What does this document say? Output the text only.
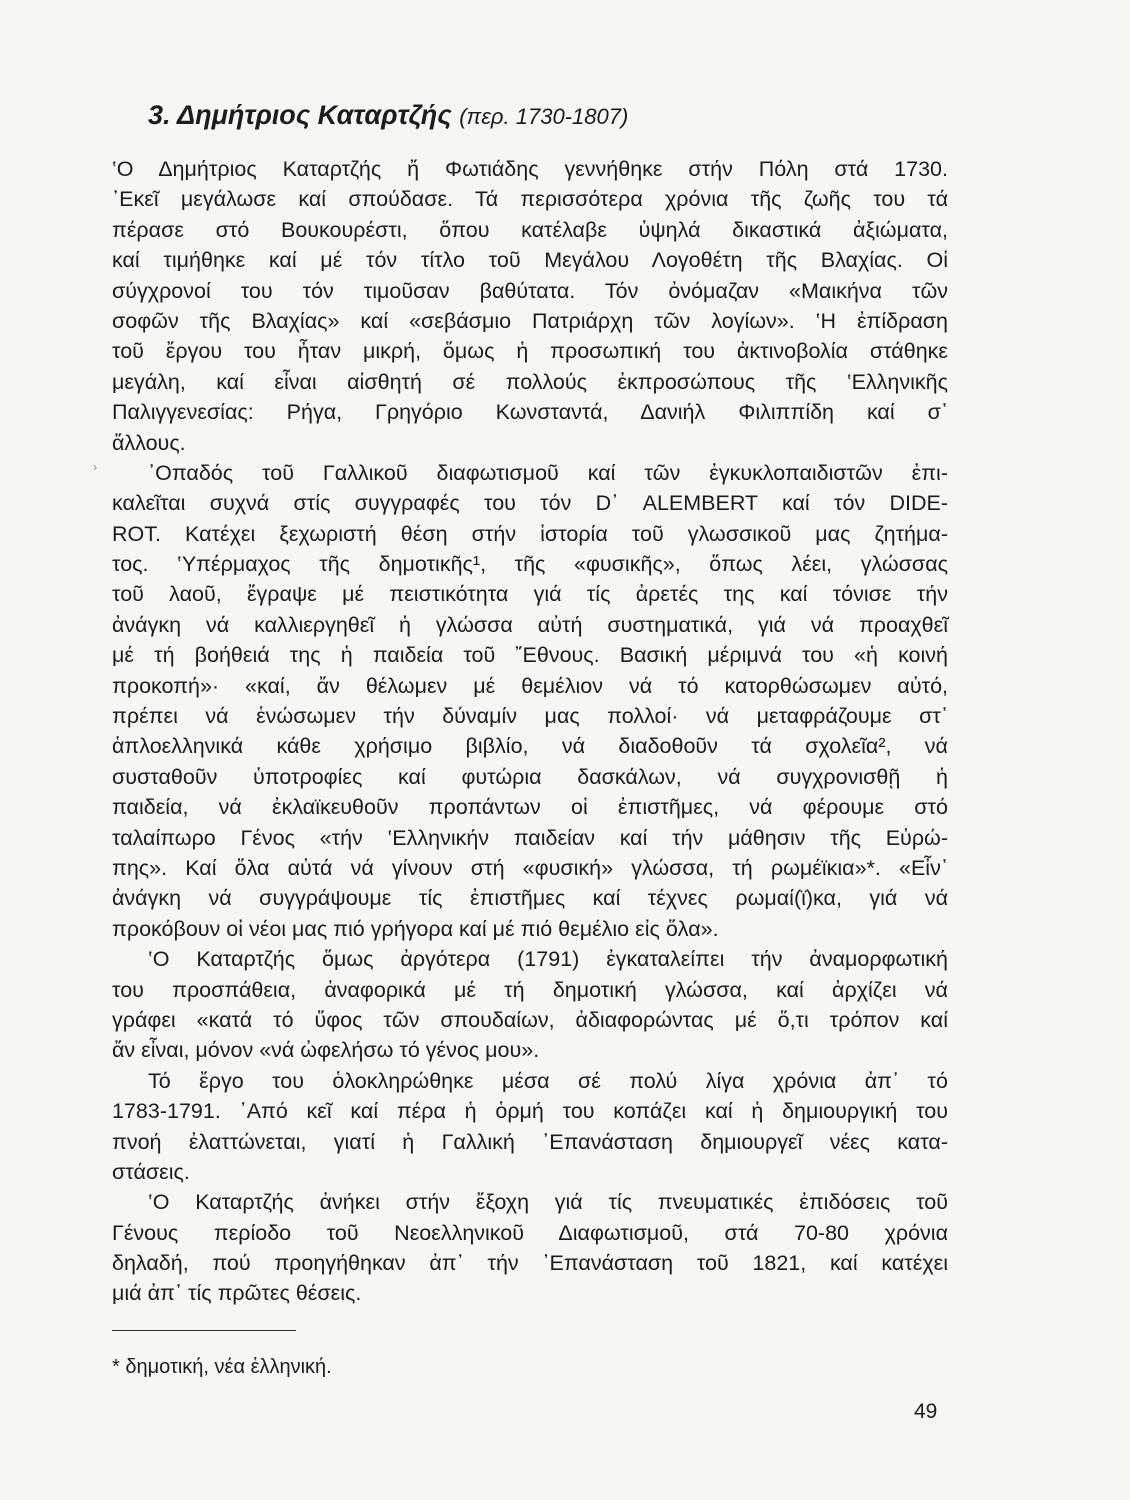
3. Δημήτριος Καταρτζής (περ. 1730-1807)
›
‛Ο Δημήτριος Καταρτζής ἤ Φωτιάδης γεννήθηκε στήν Πόλη στά 1730.
᾽Εκεῖ μεγάλωσε καί σπούδασε. Τά περισσότερα χρόνια τῆς ζωῆς του τά
πέρασε στό Βουκουρέστι, ὅπου κατέλαβε ὑψηλά δικαστικά ἀξιώματα,
καί τιμήθηκε καί μέ τόν τίτλο τοῦ Μεγάλου Λογοθέτη τῆς Βλαχίας. Οἱ
σύγχρονοί του τόν τιμοῦσαν βαθύτατα. Τόν ὀνόμαζαν «Μαικήνα τῶν
σοφῶν τῆς Βλαχίας» καί «σεβάσμιο Πατριάρχη τῶν λογίων». ‛Η ἐπίδραση
τοῦ ἔργου του ἦταν μικρή, ὅμως ἡ προσωπική του ἀκτινοβολία στάθηκε
μεγάλη, καί εἶναι αἰσθητή σέ πολλούς ἐκπροσώπους τῆς ‛Ελληνικῆς
Παλιγγενεσίας: Ρήγα, Γρηγόριο Κωνσταντά, Δανιήλ Φιλιππίδη καί σ᾽
ἄλλους.
᾽Οπαδός τοῦ Γαλλικοῦ διαφωτισμοῦ καί τῶν ἐγκυκλοπαιδιστῶν ἐπι-
καλεῖται συχνά στίς συγγραφές του τόν D᾽ ALEMBERT καί τόν DIDE-
ROT. Κατέχει ξεχωριστή θέση στήν ἱστορία τοῦ γλωσσικοῦ μας ζητήμα-
τος. ‛Υπέρμαχος τῆς δημοτικῆς¹, τῆς «φυσικῆς», ὅπως λέει, γλώσσας
τοῦ λαοῦ, ἔγραψε μέ πειστικότητα γιά τίς ἀρετές της καί τόνισε τήν
ἀνάγκη νά καλλιεργηθεῖ ἡ γλώσσα αὐτή συστηματικά, γιά νά προαχθεῖ
μέ τή βοήθειά της ἡ παιδεία τοῦ ῎Εθνους. Βασική μέριμνά του «ἡ κοινή
προκοπή»· «καί, ἄν θέλωμεν μέ θεμέλιον νά τό κατορθώσωμεν αὐτό,
πρέπει νά ἑνώσωμεν τήν δύναμίν μας πολλοί· νά μεταφράζουμε στ᾽
ἁπλοελληνικά κάθε χρήσιμο βιβλίο, νά διαδοθοῦν τά σχολεῖα², νά
συσταθοῦν ὑποτροφίες καί φυτώρια δασκάλων, νά συγχρονισθῇ ἡ
παιδεία, νά ἐκλαϊκευθοῦν προπάντων οἱ ἐπιστῆμες, νά φέρουμε στό
ταλαίπωρο Γένος «τήν ‛Ελληνικήν παιδείαν καί τήν μάθησιν τῆς Εὐρώ-
πης». Καί ὅλα αὐτά νά γίνουν στή «φυσική» γλώσσα, τή ρωμέϊκια»*. «Εἶν᾽
ἀνάγκη νά συγγράψουμε τίς ἐπιστῆμες καί τέχνες ρωμαί(ϊ)κα, γιά νά
προκόβουν οἱ νέοι μας πιό γρήγορα καί μέ πιό θεμέλιο εἰς ὅλα».
‛Ο Καταρτζής ὅμως ἀργότερα (1791) ἐγκαταλείπει τήν ἀναμορφωτική
του προσπάθεια, ἀναφορικά μέ τή δημοτική γλώσσα, καί ἀρχίζει νά
γράφει «κατά τό ὕφος τῶν σπουδαίων, ἀδιαφορώντας μέ ὅ,τι τρόπον καί
ἄν εἶναι, μόνον «νά ὠφελήσω τό γένος μου».
Τό ἔργο του ὁλοκληρώθηκε μέσα σέ πολύ λίγα χρόνια ἀπ᾽ τό
1783-1791. ᾽Από κεῖ καί πέρα ἡ ὁρμή του κοπάζει καί ἡ δημιουργική του
πνοή ἐλαττώνεται, γιατί ἡ Γαλλική ᾽Επανάσταση δημιουργεῖ νέες κατα-
στάσεις.
‛Ο Καταρτζής ἀνήκει στήν ἔξοχη γιά τίς πνευματικές ἐπιδόσεις τοῦ
Γένους περίοδο τοῦ Νεοελληνικοῦ Διαφωτισμοῦ, στά 70-80 χρόνια
δηλαδή, πού προηγήθηκαν ἀπ᾽ τήν ᾽Επανάσταση τοῦ 1821, καί κατέχει
μιά ἀπ᾽ τίς πρῶτες θέσεις.
* δημοτική, νέα ἑλληνική.
49
